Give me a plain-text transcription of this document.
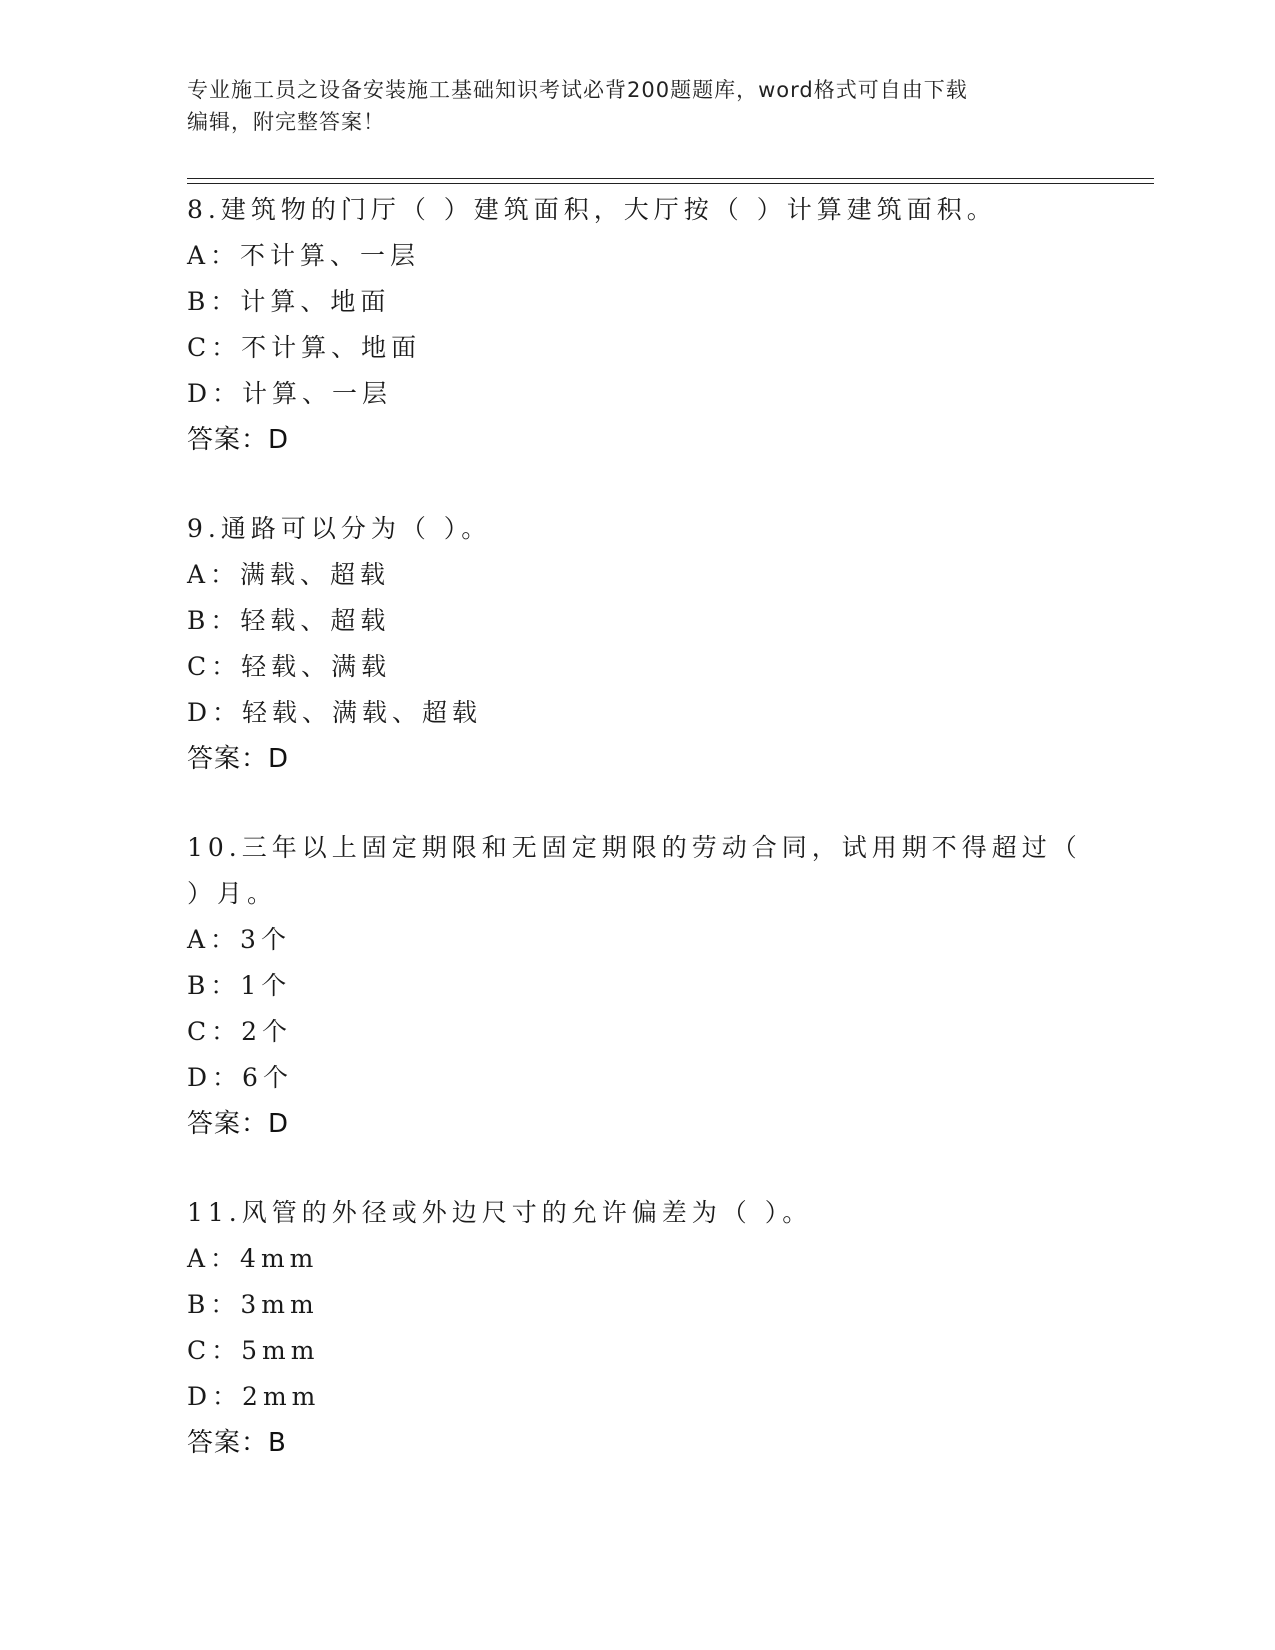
专业施工员之设备安装施工基础知识考试必背200题题库，word格式可自由下载
编辑，附完整答案！
8.建筑物的门厅（ ）建筑面积，大厅按（ ）计算建筑面积。
A：不计算、一层
B：计算、地面
C：不计算、地面
D：计算、一层
答案：D
9.通路可以分为（ ）。
A：满载、超载
B：轻载、超载
C：轻载、满载
D：轻载、满载、超载
答案：D
10.三年以上固定期限和无固定期限的劳动合同，试用期不得超过（
）月。
A：3个
B：1个
C：2个
D：6个
答案：D
11.风管的外径或外边尺寸的允许偏差为（ ）。
A：4mm
B：3mm
C：5mm
D：2mm
答案：B
